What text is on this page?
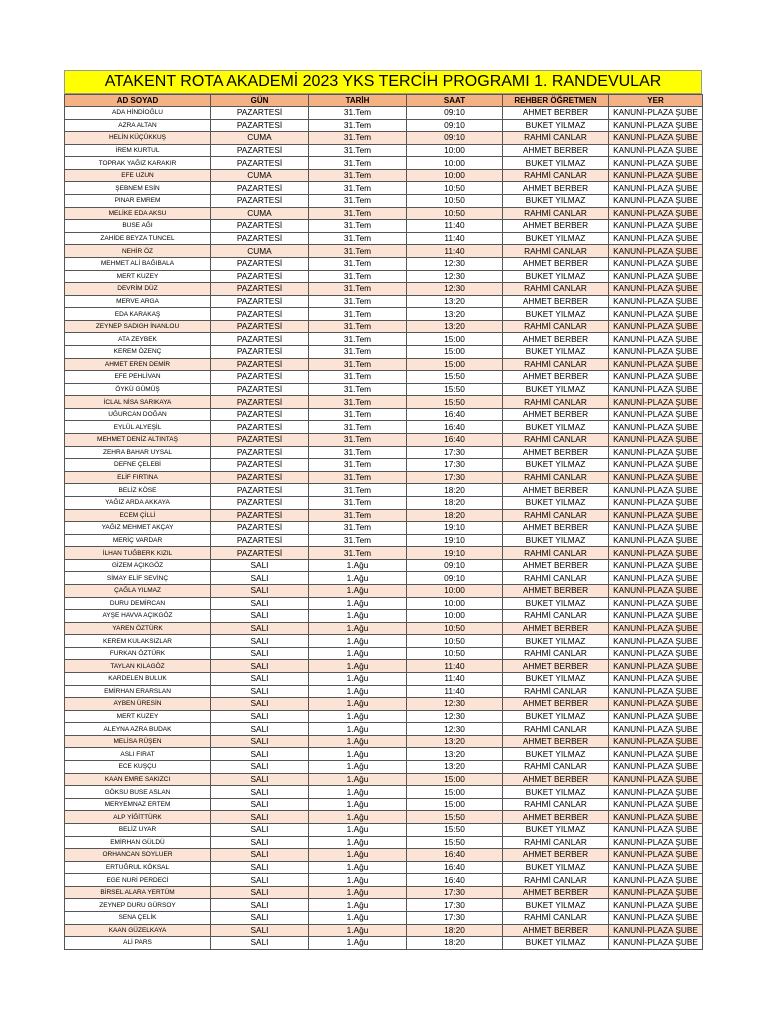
ATAKENT ROTA AKADEMİ 2023 YKS TERCİH PROGRAMI 1. RANDEVULAR
AD SOYAD	GÜN	TARİH	SAAT	REHBER ÖĞRETMEN	YER
ADA HİNDİOĞLU	PAZARTESİ	31.Tem	09:10	AHMET BERBER	KANUNİ-PLAZA ŞUBE
AZRA ALTAN	PAZARTESİ	31.Tem	09:10	BUKET YILMAZ	KANUNİ-PLAZA ŞUBE
HELİN KÜÇÜKKUŞ	CUMA	31.Tem	09:10	RAHMİ CANLAR	KANUNİ-PLAZA ŞUBE
İREM KURTUL	PAZARTESİ	31.Tem	10:00	AHMET BERBER	KANUNİ-PLAZA ŞUBE
TOPRAK YAĞIZ KARAKIR	PAZARTESİ	31.Tem	10:00	BUKET YILMAZ	KANUNİ-PLAZA ŞUBE
EFE UZUN	CUMA	31.Tem	10:00	RAHMİ CANLAR	KANUNİ-PLAZA ŞUBE
ŞEBNEM ESİN	PAZARTESİ	31.Tem	10:50	AHMET BERBER	KANUNİ-PLAZA ŞUBE
PINAR EMREM	PAZARTESİ	31.Tem	10:50	BUKET YILMAZ	KANUNİ-PLAZA ŞUBE
MELİKE EDA AKSU	CUMA	31.Tem	10:50	RAHMİ CANLAR	KANUNİ-PLAZA ŞUBE
BUSE AĞI	PAZARTESİ	31.Tem	11:40	AHMET BERBER	KANUNİ-PLAZA ŞUBE
ZAHİDE BEYZA TUNCEL	PAZARTESİ	31.Tem	11:40	BUKET YILMAZ	KANUNİ-PLAZA ŞUBE
NEHİR ÖZ	CUMA	31.Tem	11:40	RAHMİ CANLAR	KANUNİ-PLAZA ŞUBE
MEHMET ALİ BAĞIBALA	PAZARTESİ	31.Tem	12:30	AHMET BERBER	KANUNİ-PLAZA ŞUBE
MERT KUZEY	PAZARTESİ	31.Tem	12:30	BUKET YILMAZ	KANUNİ-PLAZA ŞUBE
DEVRİM DÜZ	PAZARTESİ	31.Tem	12:30	RAHMİ CANLAR	KANUNİ-PLAZA ŞUBE
MERVE ARGA	PAZARTESİ	31.Tem	13:20	AHMET BERBER	KANUNİ-PLAZA ŞUBE
EDA KARAKAŞ	PAZARTESİ	31.Tem	13:20	BUKET YILMAZ	KANUNİ-PLAZA ŞUBE
ZEYNEP SADIGH İNANLOU	PAZARTESİ	31.Tem	13:20	RAHMİ CANLAR	KANUNİ-PLAZA ŞUBE
ATA ZEYBEK	PAZARTESİ	31.Tem	15:00	AHMET BERBER	KANUNİ-PLAZA ŞUBE
KEREM ÖZENÇ	PAZARTESİ	31.Tem	15:00	BUKET YILMAZ	KANUNİ-PLAZA ŞUBE
AHMET EREN DEMİR	PAZARTESİ	31.Tem	15:00	RAHMİ CANLAR	KANUNİ-PLAZA ŞUBE
EFE PEHLİVAN	PAZARTESİ	31.Tem	15:50	AHMET BERBER	KANUNİ-PLAZA ŞUBE
ÖYKÜ GÜMÜŞ	PAZARTESİ	31.Tem	15:50	BUKET YILMAZ	KANUNİ-PLAZA ŞUBE
İCLAL NİSA SARIKAYA	PAZARTESİ	31.Tem	15:50	RAHMİ CANLAR	KANUNİ-PLAZA ŞUBE
UĞURCAN DOĞAN	PAZARTESİ	31.Tem	16:40	AHMET BERBER	KANUNİ-PLAZA ŞUBE
EYLÜL ALYEŞİL	PAZARTESİ	31.Tem	16:40	BUKET YILMAZ	KANUNİ-PLAZA ŞUBE
MEHMET DENİZ ALTINTAŞ	PAZARTESİ	31.Tem	16:40	RAHMİ CANLAR	KANUNİ-PLAZA ŞUBE
ZEHRA BAHAR UYSAL	PAZARTESİ	31.Tem	17:30	AHMET BERBER	KANUNİ-PLAZA ŞUBE
DEFNE ÇELEBİ	PAZARTESİ	31.Tem	17:30	BUKET YILMAZ	KANUNİ-PLAZA ŞUBE
ELİF FIRTINA	PAZARTESİ	31.Tem	17:30	RAHMİ CANLAR	KANUNİ-PLAZA ŞUBE
BELİZ KÖSE	PAZARTESİ	31.Tem	18:20	AHMET BERBER	KANUNİ-PLAZA ŞUBE
YAĞIZ ARDA AKKAYA	PAZARTESİ	31.Tem	18:20	BUKET YILMAZ	KANUNİ-PLAZA ŞUBE
ECEM ÇİLLİ	PAZARTESİ	31.Tem	18:20	RAHMİ CANLAR	KANUNİ-PLAZA ŞUBE
YAĞIZ MEHMET AKÇAY	PAZARTESİ	31.Tem	19:10	AHMET BERBER	KANUNİ-PLAZA ŞUBE
MERİÇ VARDAR	PAZARTESİ	31.Tem	19:10	BUKET YILMAZ	KANUNİ-PLAZA ŞUBE
İLHAN TUĞBERK KIZIL	PAZARTESİ	31.Tem	19:10	RAHMİ CANLAR	KANUNİ-PLAZA ŞUBE
GİZEM AÇIKGÖZ	SALI	1.Ağu	09:10	AHMET BERBER	KANUNİ-PLAZA ŞUBE
SİMAY ELİF SEVİNÇ	SALI	1.Ağu	09:10	RAHMİ CANLAR	KANUNİ-PLAZA ŞUBE
ÇAĞLA YILMAZ	SALI	1.Ağu	10:00	AHMET BERBER	KANUNİ-PLAZA ŞUBE
DURU DEMİRCAN	SALI	1.Ağu	10:00	BUKET YILMAZ	KANUNİ-PLAZA ŞUBE
AYŞE HAVVA AÇIKGÖZ	SALI	1.Ağu	10:00	RAHMİ CANLAR	KANUNİ-PLAZA ŞUBE
YAREN ÖZTÜRK	SALI	1.Ağu	10:50	AHMET BERBER	KANUNİ-PLAZA ŞUBE
KEREM KULAKSIZLAR	SALI	1.Ağu	10:50	BUKET YILMAZ	KANUNİ-PLAZA ŞUBE
FURKAN ÖZTÜRK	SALI	1.Ağu	10:50	RAHMİ CANLAR	KANUNİ-PLAZA ŞUBE
TAYLAN KILAGÖZ	SALI	1.Ağu	11:40	AHMET BERBER	KANUNİ-PLAZA ŞUBE
KARDELEN BULUK	SALI	1.Ağu	11:40	BUKET YILMAZ	KANUNİ-PLAZA ŞUBE
EMİRHAN ERARSLAN	SALI	1.Ağu	11:40	RAHMİ CANLAR	KANUNİ-PLAZA ŞUBE
AYBEN ÜRESİN	SALI	1.Ağu	12:30	AHMET BERBER	KANUNİ-PLAZA ŞUBE
MERT KUZEY	SALI	1.Ağu	12:30	BUKET YILMAZ	KANUNİ-PLAZA ŞUBE
ALEYNA AZRA BUDAK	SALI	1.Ağu	12:30	RAHMİ CANLAR	KANUNİ-PLAZA ŞUBE
MELİSA RÜŞEN	SALI	1.Ağu	13:20	AHMET BERBER	KANUNİ-PLAZA ŞUBE
ASLI FIRAT	SALI	1.Ağu	13:20	BUKET YILMAZ	KANUNİ-PLAZA ŞUBE
ECE KUŞÇU	SALI	1.Ağu	13:20	RAHMİ CANLAR	KANUNİ-PLAZA ŞUBE
KAAN EMRE SAKIZCI	SALI	1.Ağu	15:00	AHMET BERBER	KANUNİ-PLAZA ŞUBE
GÖKSU BUSE ASLAN	SALI	1.Ağu	15:00	BUKET YILMAZ	KANUNİ-PLAZA ŞUBE
MERYEMNAZ ERTEM	SALI	1.Ağu	15:00	RAHMİ CANLAR	KANUNİ-PLAZA ŞUBE
ALP YİĞİTTÜRK	SALI	1.Ağu	15:50	AHMET BERBER	KANUNİ-PLAZA ŞUBE
BELİZ UYAR	SALI	1.Ağu	15:50	BUKET YILMAZ	KANUNİ-PLAZA ŞUBE
EMİRHAN GÜLDÜ	SALI	1.Ağu	15:50	RAHMİ CANLAR	KANUNİ-PLAZA ŞUBE
ORHANCAN SOYLUER	SALI	1.Ağu	16:40	AHMET BERBER	KANUNİ-PLAZA ŞUBE
ERTUĞRUL KÖKSAL	SALI	1.Ağu	16:40	BUKET YILMAZ	KANUNİ-PLAZA ŞUBE
EGE NURİ PERDECİ	SALI	1.Ağu	16:40	RAHMİ CANLAR	KANUNİ-PLAZA ŞUBE
BİRSEL ALARA YERTÜM	SALI	1.Ağu	17:30	AHMET BERBER	KANUNİ-PLAZA ŞUBE
ZEYNEP DURU GÜRSOY	SALI	1.Ağu	17:30	BUKET YILMAZ	KANUNİ-PLAZA ŞUBE
SENA ÇELİK	SALI	1.Ağu	17:30	RAHMİ CANLAR	KANUNİ-PLAZA ŞUBE
KAAN GÜZELKAYA	SALI	1.Ağu	18:20	AHMET BERBER	KANUNİ-PLAZA ŞUBE
ALİ PARS	SALI	1.Ağu	18:20	BUKET YILMAZ	KANUNİ-PLAZA ŞUBE
